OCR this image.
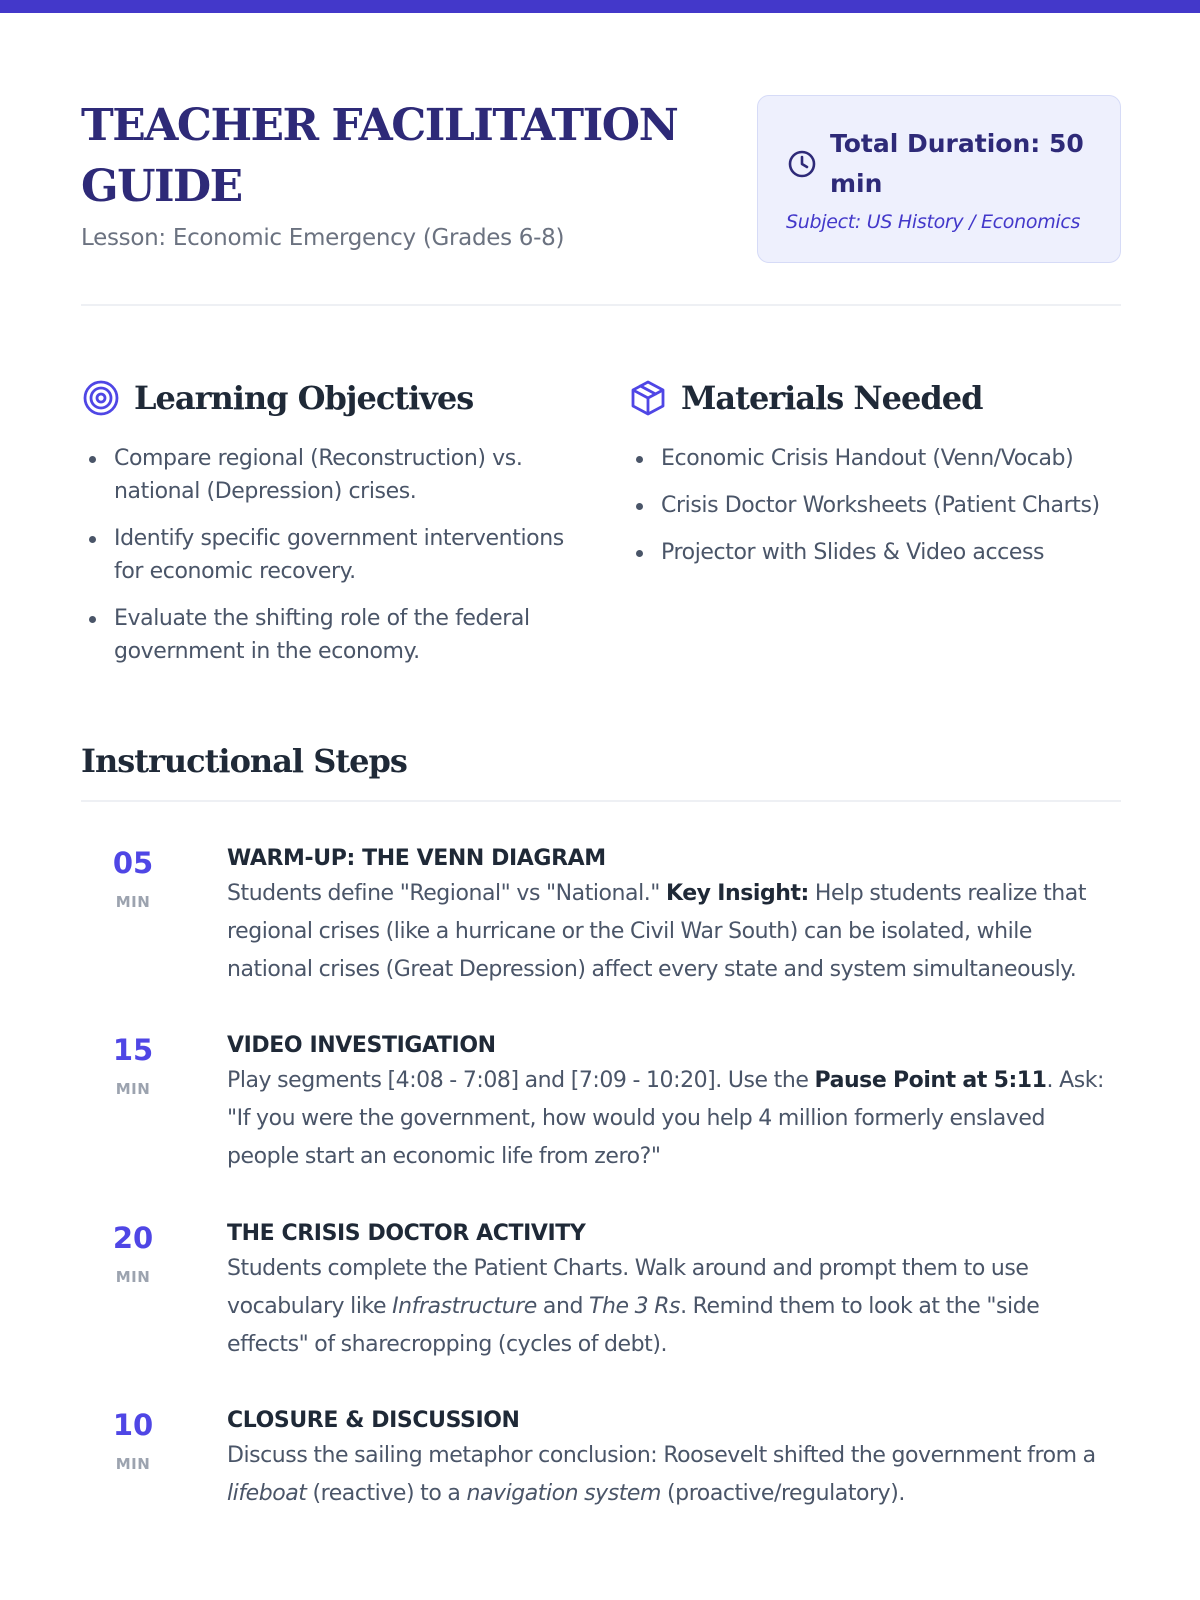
TEACHER FACILITATION GUIDE
Lesson: Economic Emergency (Grades 6-8)
Total Duration: 50 min
Subject: US History / Economics
Learning Objectives
Compare regional (Reconstruction) vs. national (Depression) crises.
Identify specific government interventions for economic recovery.
Evaluate the shifting role of the federal government in the economy.
Materials Needed
Economic Crisis Handout (Venn/Vocab)
Crisis Doctor Worksheets (Patient Charts)
Projector with Slides & Video access
Instructional Steps
05
MIN
WARM-UP: THE VENN DIAGRAM
Students define "Regional" vs "National." Key Insight: Help students realize that regional crises (like a hurricane or the Civil War South) can be isolated, while national crises (Great Depression) affect every state and system simultaneously.
15
MIN
VIDEO INVESTIGATION
Play segments [4:08 - 7:08] and [7:09 - 10:20]. Use the Pause Point at 5:11. Ask: "If you were the government, how would you help 4 million formerly enslaved people start an economic life from zero?"
20
MIN
THE CRISIS DOCTOR ACTIVITY
Students complete the Patient Charts. Walk around and prompt them to use vocabulary like Infrastructure and The 3 Rs. Remind them to look at the "side effects" of sharecropping (cycles of debt).
10
MIN
CLOSURE & DISCUSSION
Discuss the sailing metaphor conclusion: Roosevelt shifted the government from a lifeboat (reactive) to a navigation system (proactive/regulatory).
